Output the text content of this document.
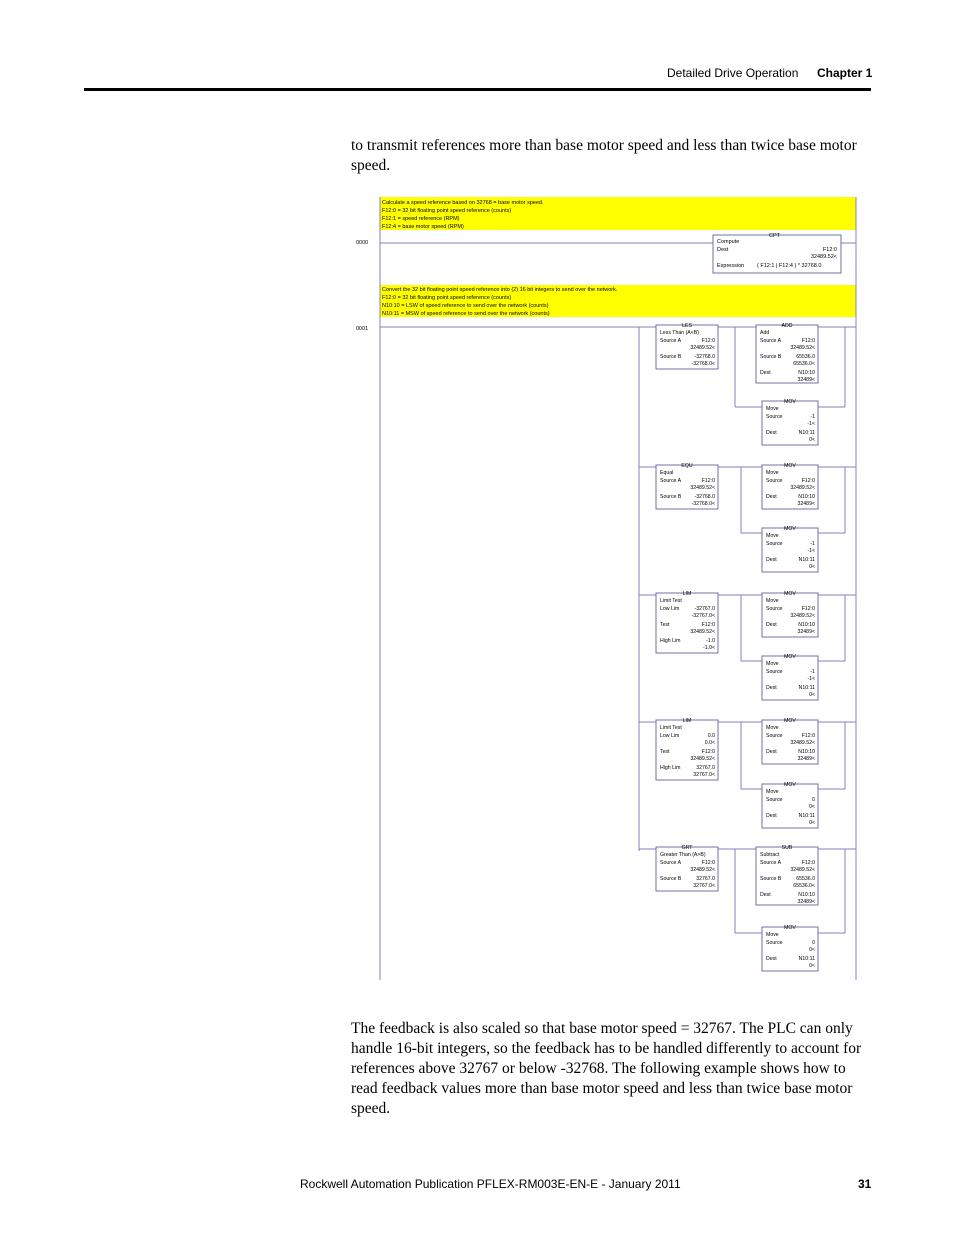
Detailed Drive Operation Chapter 1

to transmit references more than base motor speed and less than twice base motor speed.

Calculate a speed reference based on 32768 = base motor speed.
F12:0 = 32 bit floating point speed reference (counts)
F12:1 = speed reference (RPM)
F12:4 = base motor speed (RPM)
0000
CPT
Compute
Dest	F12:0
32489.52<
Expression ( F12:1 | F12:4 ) * 32768.0
Convert the 32 bit floating point speed reference into (2) 16 bit integers to send over the network.
F12:0 = 32 bit floating point speed reference (counts)
N10:10 = LSW of speed reference to send over the network (counts)
N10:11 = MSW of speed reference to send over the network (counts)
0001	LES
Less Than (A<B)
Source A	F12:0
32489.52<
Source B	-32768.0
-32768.0<
ADD
Add
Source A	F12:0
32489.52<
Source B	65536.0
65536.0<
Dest	N10:10
32489<
MOV
Move
Source	-1
-1<
Dest	N10:11
0<
EQU
Equal
Source A	F12:0
32489.52<
Source B	-32768.0
-32768.0<
MOV
Move
Source	F12:0
32489.52<
Dest	N10:10
32489<
MOV
Move
Source	-1
-1<
Dest	N10:11
0<
LIM
Limit Test
Low Lim	-32767.0
-32767.0<
Test	F12:0
32489.52<
High Lim	-1.0
-1.0<
MOV
Move
Source	F12:0
32489.52<
Dest	N10:10
32489<
MOV
Move
Source	-1
-1<
Dest	N10:11
0<
LIM
Limit Test
Low Lim	0.0
0.0<
Test	F12:0
32489.52<
High Lim	32767.0
32767.0<
MOV
Move
Source	F12:0
32489.52<
Dest	N10:10
32489<
MOV
Move
Source	0
0<
Dest	N10:11
0<
GRT
Greater Than (A>B)
Source A	F12:0
32489.52<
Source B	32767.0
32767.0<
SUB
Subtract
Source A	F12:0
32489.52<
Source B	65536.0
65536.0<
Dest	N10:10
32489<
MOV
Move
Source	0
0<
Dest	N10:11
0<

The feedback is also scaled so that base motor speed = 32767. The PLC can only handle 16-bit integers, so the feedback has to be handled differently to account for references above 32767 or below -32768. The following example shows how to read feedback values more than base motor speed and less than twice base motor speed.

Rockwell Automation Publication PFLEX-RM003E-EN-E - January 2011	31
